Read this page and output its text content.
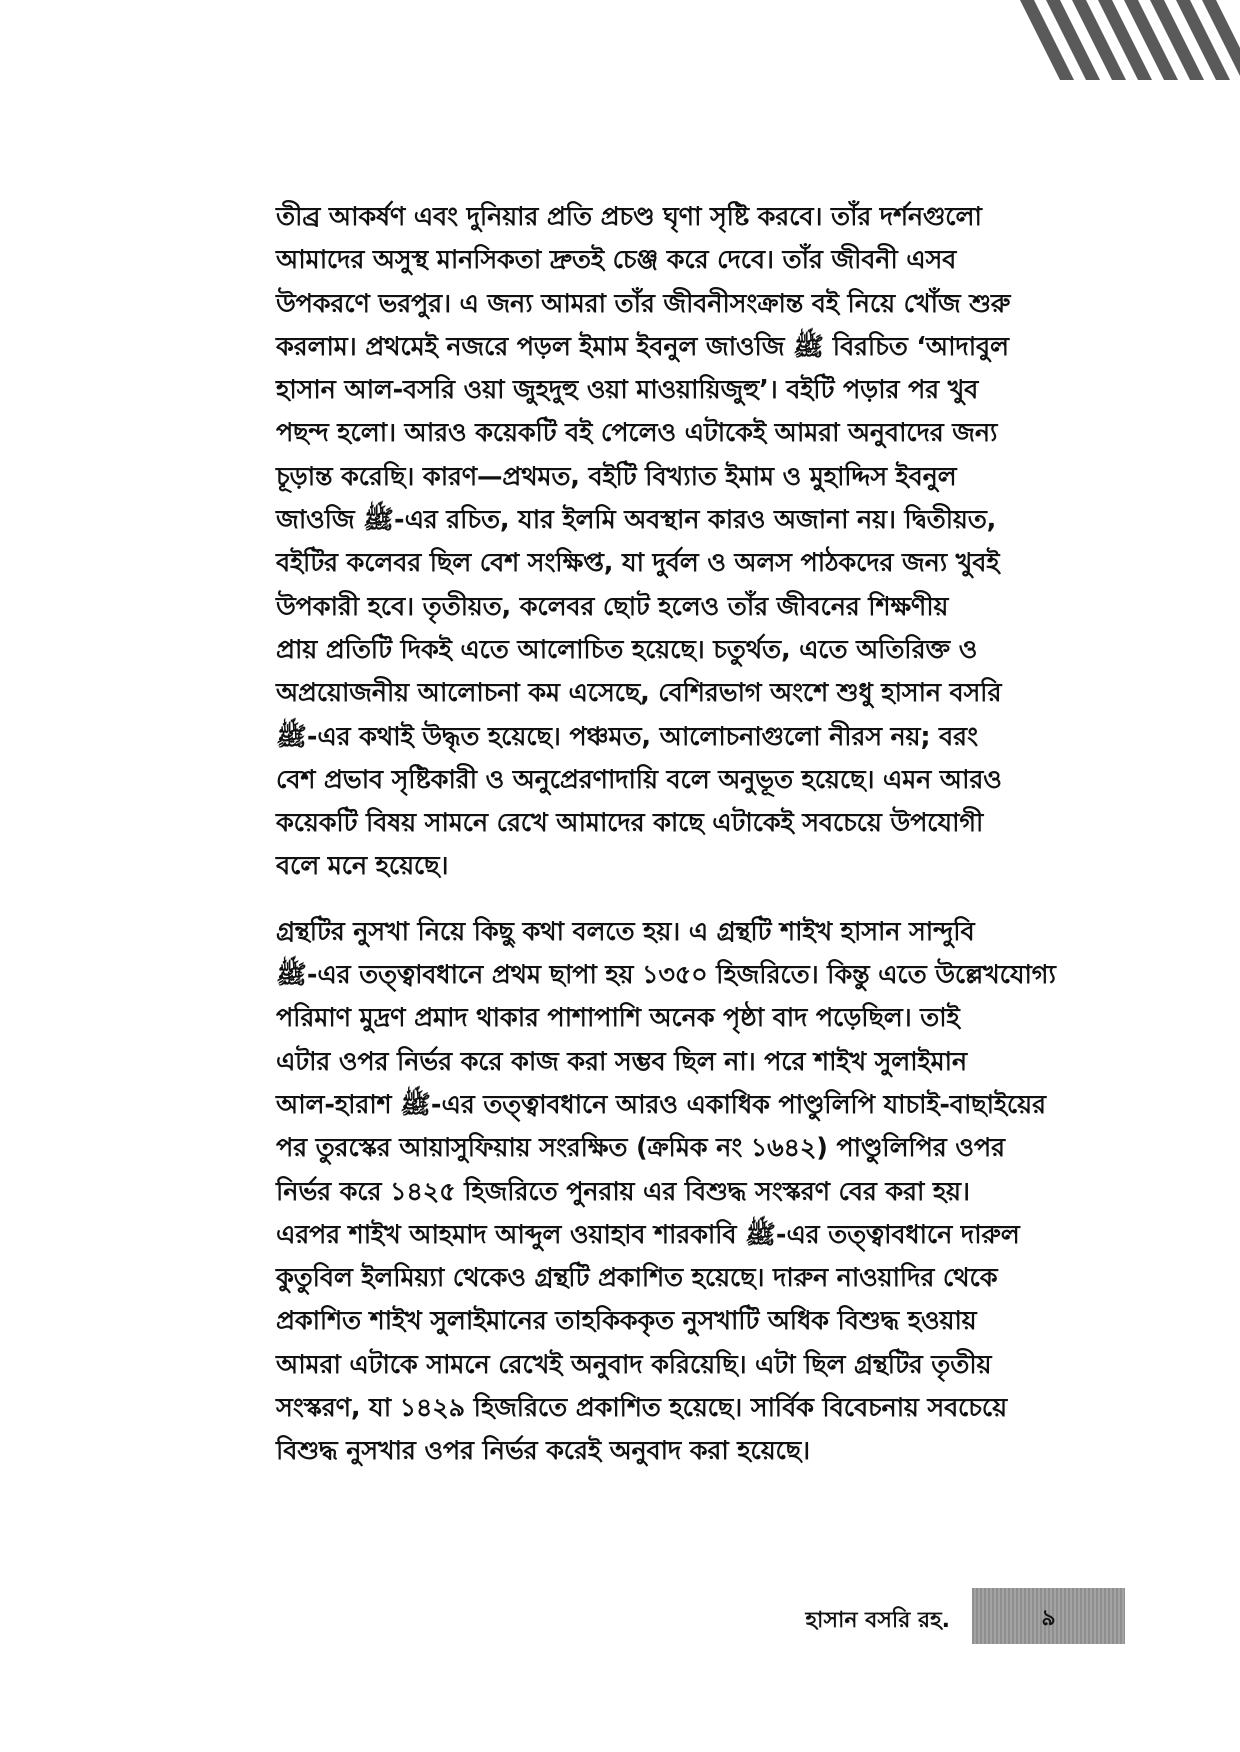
তীব্র আকর্ষণ এবং দুনিয়ার প্রতি প্রচণ্ড ঘৃণা সৃষ্টি করবে। তাঁর দর্শনগুলো
আমাদের অসুস্থ মানসিকতা দ্রুতই চেঞ্জ করে দেবে। তাঁর জীবনী এসব
উপকরণে ভরপুর। এ জন্য আমরা তাঁর জীবনীসংক্রান্ত বই নিয়ে খোঁজ শুরু
করলাম। প্রথমেই নজরে পড়ল ইমাম ইবনুল জাওজি ﷺ বিরচিত ‘আদাবুল
হাসান আল-বসরি ওয়া জুহদুহু ওয়া মাওয়ায়িজুহু’। বইটি পড়ার পর খুব
পছন্দ হলো। আরও কয়েকটি বই পেলেও এটাকেই আমরা অনুবাদের জন্য
চূড়ান্ত করেছি। কারণ—প্রথমত, বইটি বিখ্যাত ইমাম ও মুহাদ্দিস ইবনুল
জাওজি ﷺ-এর রচিত, যার ইলমি অবস্থান কারও অজানা নয়। দ্বিতীয়ত,
বইটির কলেবর ছিল বেশ সংক্ষিপ্ত, যা দুর্বল ও অলস পাঠকদের জন্য খুবই
উপকারী হবে। তৃতীয়ত, কলেবর ছোট হলেও তাঁর জীবনের শিক্ষণীয়
প্রায় প্রতিটি দিকই এতে আলোচিত হয়েছে। চতুর্থত, এতে অতিরিক্ত ও
অপ্রয়োজনীয় আলোচনা কম এসেছে, বেশিরভাগ অংশে শুধু হাসান বসরি
ﷺ-এর কথাই উদ্ধৃত হয়েছে। পঞ্চমত, আলোচনাগুলো নীরস নয়; বরং
বেশ প্রভাব সৃষ্টিকারী ও অনুপ্রেরণাদায়ি বলে অনুভূত হয়েছে। এমন আরও
কয়েকটি বিষয় সামনে রেখে আমাদের কাছে এটাকেই সবচেয়ে উপযোগী
বলে মনে হয়েছে।

গ্রন্থটির নুসখা নিয়ে কিছু কথা বলতে হয়। এ গ্রন্থটি শাইখ হাসান সান্দুবি
ﷺ-এর তত্ত্বাবধানে প্রথম ছাপা হয় ১৩৫০ হিজরিতে। কিন্তু এতে উল্লেখযোগ্য
পরিমাণ মুদ্রণ প্রমাদ থাকার পাশাপাশি অনেক পৃষ্ঠা বাদ পড়েছিল। তাই
এটার ওপর নির্ভর করে কাজ করা সম্ভব ছিল না। পরে শাইখ সুলাইমান
আল-হারাশ ﷺ-এর তত্ত্বাবধানে আরও একাধিক পাণ্ডুলিপি যাচাই-বাছাইয়ের
পর তুরস্কের আয়াসুফিয়ায় সংরক্ষিত (ক্রমিক নং ১৬৪২) পাণ্ডুলিপির ওপর
নির্ভর করে ১৪২৫ হিজরিতে পুনরায় এর বিশুদ্ধ সংস্করণ বের করা হয়।
এরপর শাইখ আহমাদ আব্দুল ওয়াহাব শারকাবি ﷺ-এর তত্ত্বাবধানে দারুল
কুতুবিল ইলমিয়্যা থেকেও গ্রন্থটি প্রকাশিত হয়েছে। দারুন নাওয়াদির থেকে
প্রকাশিত শাইখ সুলাইমানের তাহকিককৃত নুসখাটি অধিক বিশুদ্ধ হওয়ায়
আমরা এটাকে সামনে রেখেই অনুবাদ করিয়েছি। এটা ছিল গ্রন্থটির তৃতীয়
সংস্করণ, যা ১৪২৯ হিজরিতে প্রকাশিত হয়েছে। সার্বিক বিবেচনায় সবচেয়ে
বিশুদ্ধ নুসখার ওপর নির্ভর করেই অনুবাদ করা হয়েছে।

হাসান বসরি রহ.	৯
